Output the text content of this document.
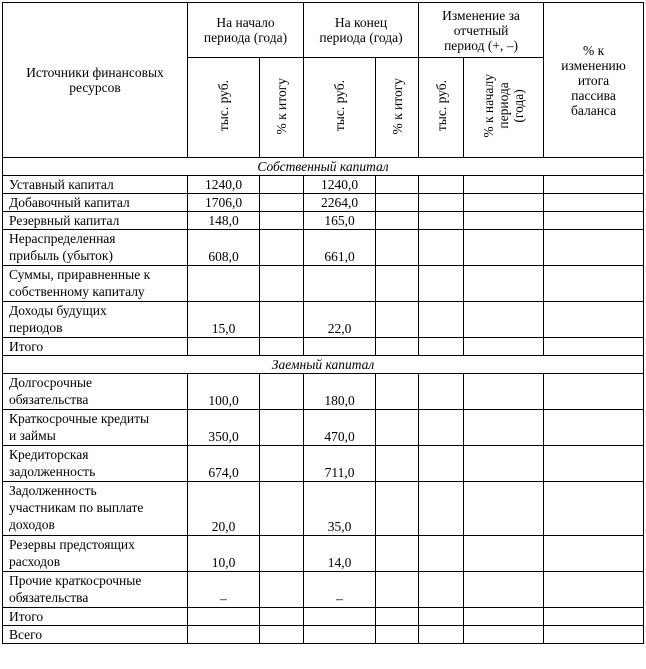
Источники финансовых
ресурсов	На начало
периода (года)		На конец
периода (года)		Изменение за
отчетный
период (+, –)		% к
изменению
итога
пассива
баланса
	тыс. руб.	% к итогу	тыс. руб.	% к итогу	тыс. руб.	% к началу
периода
(года)	
Собственный капитал							
Уставный капитал	1240,0		1240,0				
Добавочный капитал	1706,0		2264,0				
Резервный капитал	148,0		165,0				
Нераспределенная
прибыль (убыток)	608,0		661,0				
Суммы, приравненные к
собственному капиталу							
Доходы будущих
периодов	15,0		22,0				
Итого							
Заемный капитал							
Долгосрочные
обязательства	100,0		180,0				
Краткосрочные кредиты
и займы	350,0		470,0				
Кредиторская
задолженность	674,0		711,0				
Задолженность
участникам по выплате
доходов	20,0		35,0				
Резервы предстоящих
расходов	10,0		14,0				
Прочие краткосрочные
обязательства	–		–				
Итого							
Всего							
